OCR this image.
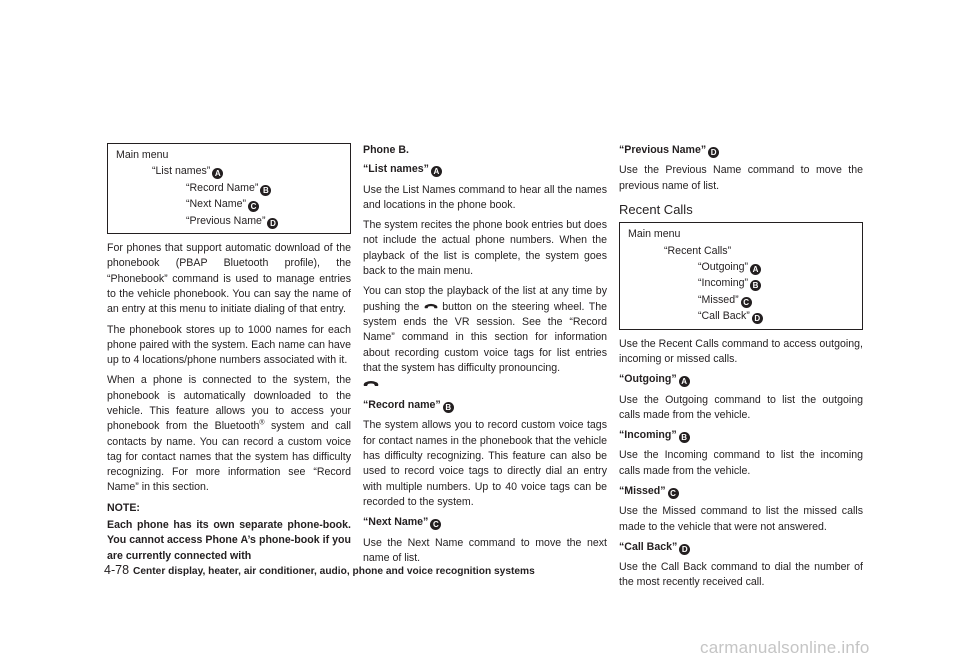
Main menu
“List names” A
“Record Name” B
“Next Name” C
“Previous Name” D

For phones that support automatic download of the phonebook (PBAP Bluetooth profile), the “Phonebook” command is used to manage entries to the vehicle phonebook. You can say the name of an entry at this menu to initiate dialing of that entry.

The phonebook stores up to 1000 names for each phone paired with the system. Each name can have up to 4 locations/phone numbers associated with it.

When a phone is connected to the system, the phonebook is automatically downloaded to the vehicle. This feature allows you to access your phonebook from the Bluetooth® system and call contacts by name. You can record a custom voice tag for contact names that the system has difficulty recognizing. For more information see “Record Name” in this section.

NOTE:

Each phone has its own separate phone-book. You cannot access Phone A’s phone-book if you are currently connected with

Phone B.
“List names” A

Use the List Names command to hear all the names and locations in the phone book.

The system recites the phone book entries but does not include the actual phone numbers. When the playback of the list is complete, the system goes back to the main menu.

You can stop the playback of the list at any time by pushing the button on the steering wheel. The system ends the VR session. See the “Record Name” command in this section for information about recording custom voice tags for list entries that the system has difficulty pronouncing.

“Record name” B

The system allows you to record custom voice tags for contact names in the phonebook that the vehicle has difficulty recognizing. This feature can also be used to record voice tags to directly dial an entry with multiple numbers. Up to 40 voice tags can be recorded to the system.

“Next Name” C

Use the Next Name command to move the next name of list.

“Previous Name” D

Use the Previous Name command to move the previous name of list.

Recent Calls
Main menu
“Recent Calls”
“Outgoing” A
“Incoming” B
“Missed” C
“Call Back” D

Use the Recent Calls command to access outgoing, incoming or missed calls.

“Outgoing” A

Use the Outgoing command to list the outgoing calls made from the vehicle.

“Incoming” B

Use the Incoming command to list the incoming calls made from the vehicle.

“Missed” C

Use the Missed command to list the missed calls made to the vehicle that were not answered.

“Call Back” D

Use the Call Back command to dial the number of the most recently received call.

4-78 Center display, heater, air conditioner, audio, phone and voice recognition systems
carmanualsonline.info
